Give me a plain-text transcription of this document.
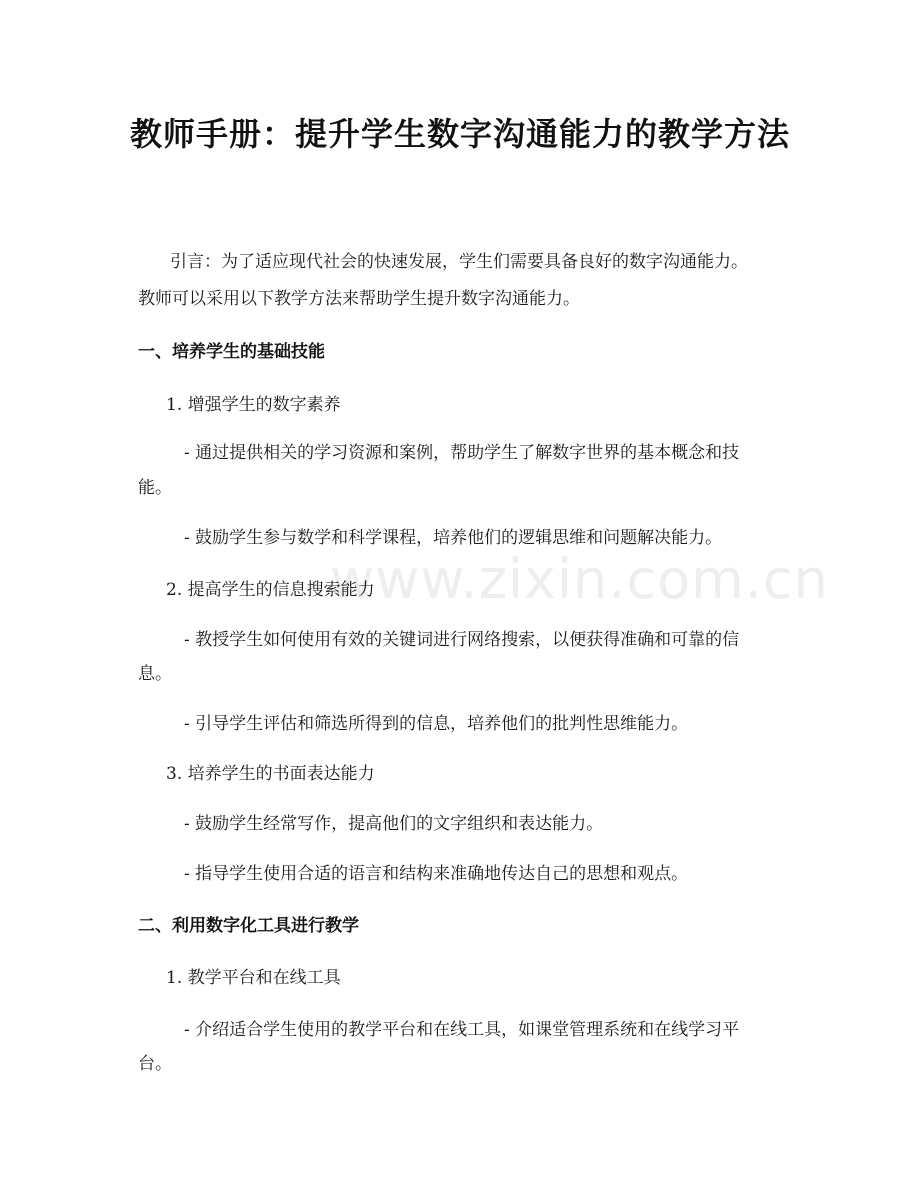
www.zixin.com.cn
教师手册：提升学生数字沟通能力的教学方法
引言：为了适应现代社会的快速发展，学生们需要具备良好的数字沟通能力。
教师可以采用以下教学方法来帮助学生提升数字沟通能力。
一、培养学生的基础技能
1. 增强学生的数字素养
- 通过提供相关的学习资源和案例，帮助学生了解数字世界的基本概念和技
能。
- 鼓励学生参与数学和科学课程，培养他们的逻辑思维和问题解决能力。
2. 提高学生的信息搜索能力
- 教授学生如何使用有效的关键词进行网络搜索，以便获得准确和可靠的信
息。
- 引导学生评估和筛选所得到的信息，培养他们的批判性思维能力。
3. 培养学生的书面表达能力
- 鼓励学生经常写作，提高他们的文字组织和表达能力。
- 指导学生使用合适的语言和结构来准确地传达自己的思想和观点。
二、利用数字化工具进行教学
1. 教学平台和在线工具
- 介绍适合学生使用的教学平台和在线工具，如课堂管理系统和在线学习平
台。
